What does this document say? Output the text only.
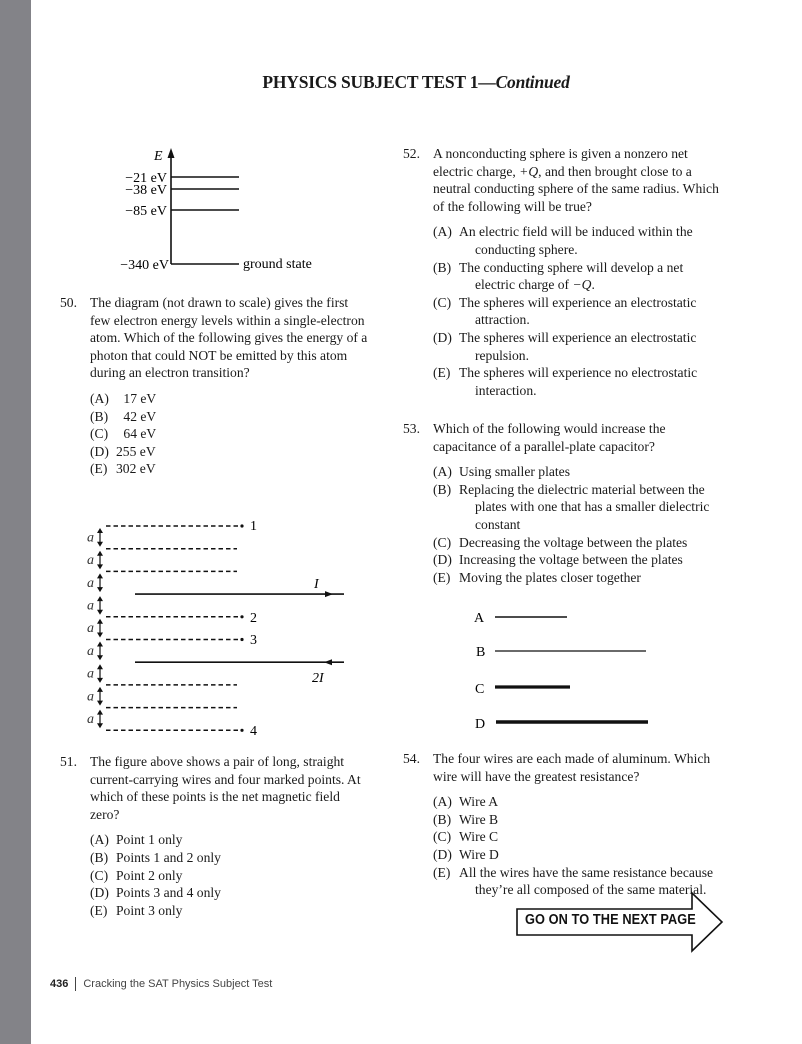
PHYSICS SUBJECT TEST 1—Continued
E
−21 eV
−38 eV
−85 eV
−340 eV	ground state
50. The diagram (not drawn to scale) gives the first few electron energy levels within a single-electron atom. Which of the following gives the energy of a photon that could NOT be emitted by this atom during an electron transition?
(A) 17 eV
(B) 42 eV
(C) 64 eV
(D) 255 eV
(E) 302 eV
a
a
a
a
a
a
a
a
a
I
2I
1
2
3
4
51. The figure above shows a pair of long, straight current-carrying wires and four marked points. At which of these points is the net magnetic field zero?
(A) Point 1 only
(B) Points 1 and 2 only
(C) Point 2 only
(D) Points 3 and 4 only
(E) Point 3 only
52. A nonconducting sphere is given a nonzero net electric charge, +Q, and then brought close to a neutral conducting sphere of the same radius. Which of the following will be true?
(A) An electric field will be induced within the conducting sphere.
(B) The conducting sphere will develop a net electric charge of −Q.
(C) The spheres will experience an electrostatic attraction.
(D) The spheres will experience an electrostatic repulsion.
(E) The spheres will experience no electrostatic interaction.
53. Which of the following would increase the capacitance of a parallel-plate capacitor?
(A) Using smaller plates
(B) Replacing the dielectric material between the plates with one that has a smaller dielectric constant
(C) Decreasing the voltage between the plates
(D) Increasing the voltage between the plates
(E) Moving the plates closer together
A
B
C
D
54. The four wires are each made of aluminum. Which wire will have the greatest resistance?
(A) Wire A
(B) Wire B
(C) Wire C
(D) Wire D
(E) All the wires have the same resistance because they’re all composed of the same material.
GO ON TO THE NEXT PAGE
436 Cracking the SAT Physics Subject Test
